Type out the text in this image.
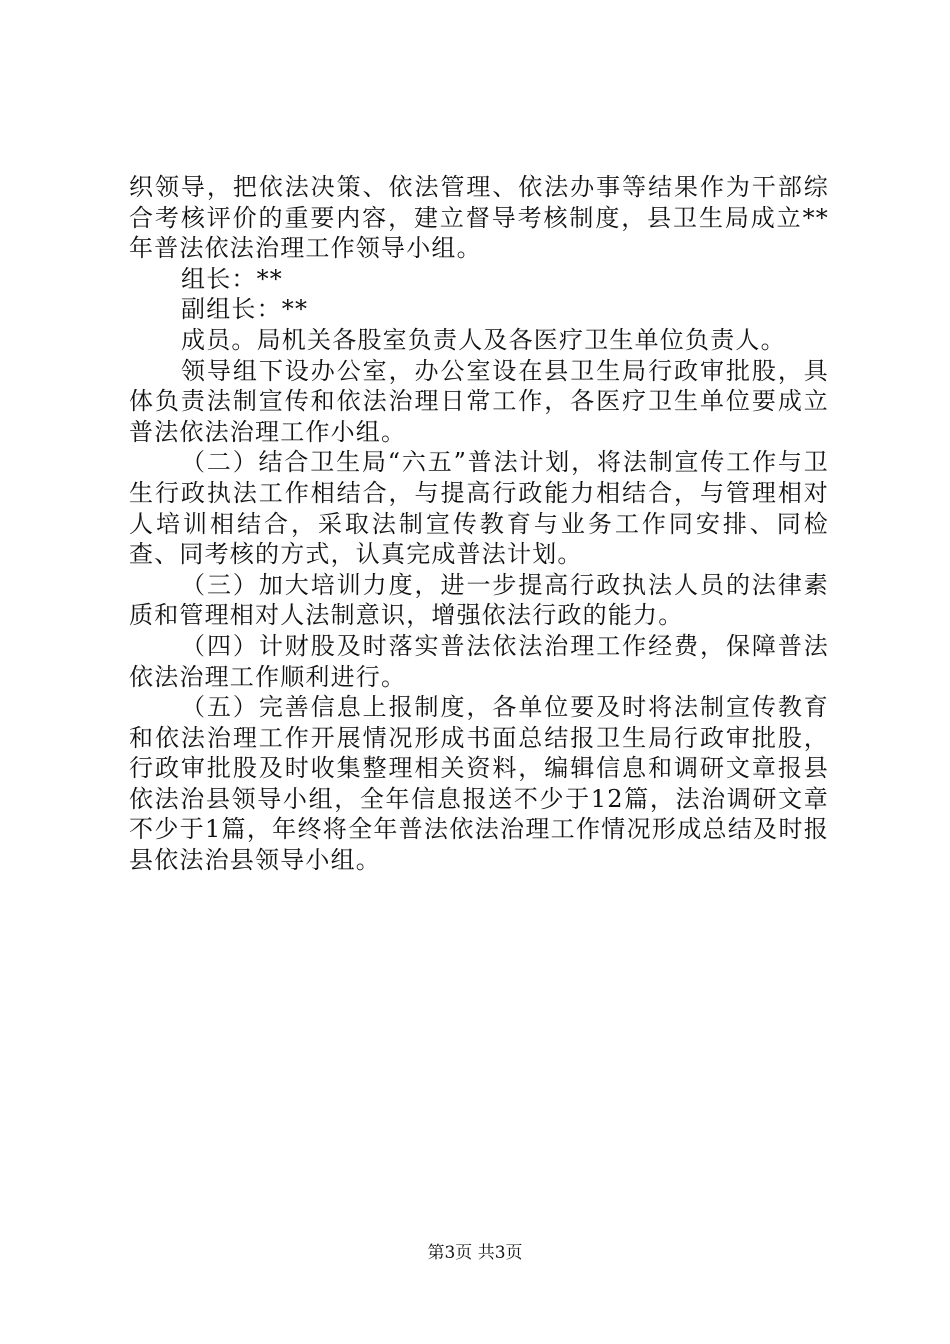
织领导，把依法决策、依法管理、依法办事等结果作为干部综合考核评价的重要内容，建立督导考核制度，县卫生局成立**年普法依法治理工作领导小组。

组长：**

副组长：**

成员。局机关各股室负责人及各医疗卫生单位负责人。

领导组下设办公室，办公室设在县卫生局行政审批股，具体负责法制宣传和依法治理日常工作，各医疗卫生单位要成立普法依法治理工作小组。

（二）结合卫生局“六五”普法计划，将法制宣传工作与卫生行政执法工作相结合，与提高行政能力相结合，与管理相对人培训相结合，采取法制宣传教育与业务工作同安排、同检查、同考核的方式，认真完成普法计划。

（三）加大培训力度，进一步提高行政执法人员的法律素质和管理相对人法制意识，增强依法行政的能力。

（四）计财股及时落实普法依法治理工作经费，保障普法依法治理工作顺利进行。

（五）完善信息上报制度，各单位要及时将法制宣传教育和依法治理工作开展情况形成书面总结报卫生局行政审批股，行政审批股及时收集整理相关资料，编辑信息和调研文章报县依法治县领导小组，全年信息报送不少于12篇，法治调研文章不少于1篇，年终将全年普法依法治理工作情况形成总结及时报县依法治县领导小组。

第3页 共3页
